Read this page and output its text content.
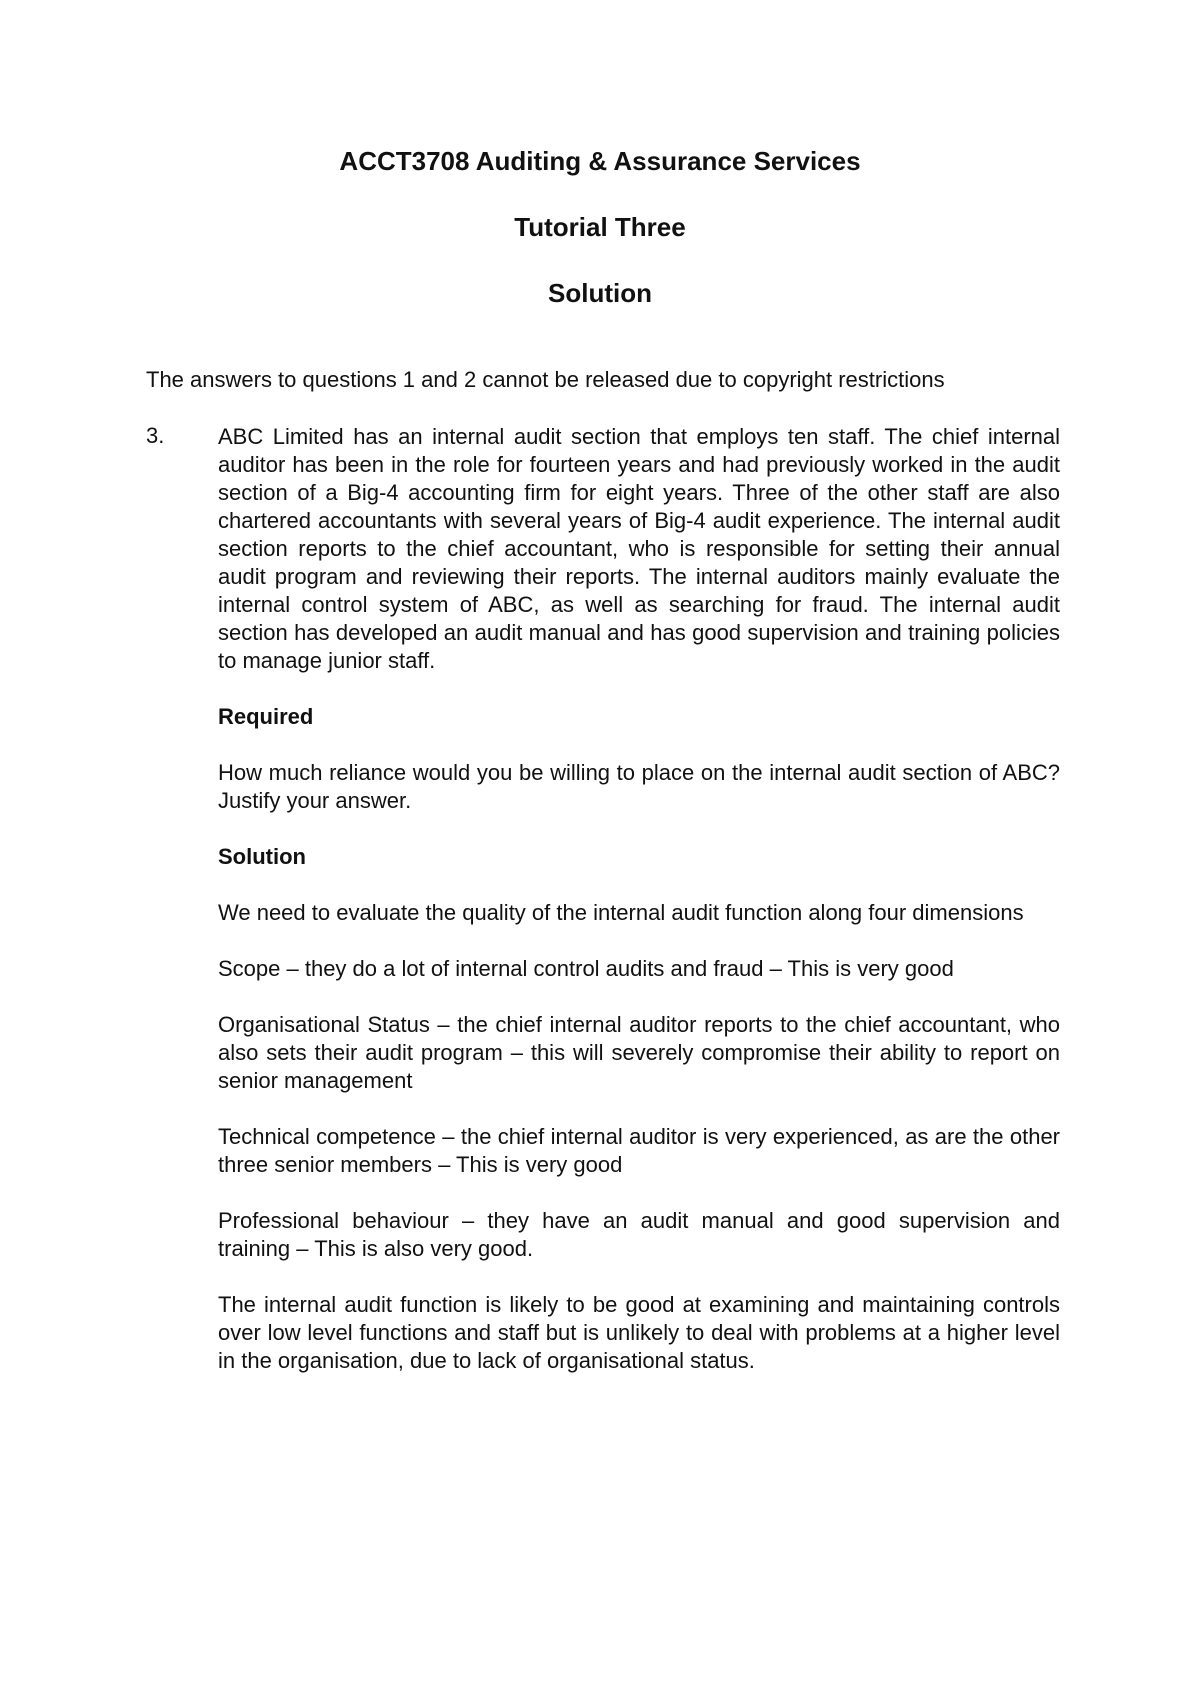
ACCT3708 Auditing & Assurance Services
Tutorial Three
Solution

The answers to questions 1 and 2 cannot be released due to copyright restrictions

3. ABC Limited has an internal audit section that employs ten staff. The chief internal auditor has been in the role for fourteen years and had previously worked in the audit section of a Big-4 accounting firm for eight years. Three of the other staff are also chartered accountants with several years of Big-4 audit experience. The internal audit section reports to the chief accountant, who is responsible for setting their annual audit program and reviewing their reports. The internal auditors mainly evaluate the internal control system of ABC, as well as searching for fraud. The internal audit section has developed an audit manual and has good supervision and training policies to manage junior staff.

Required

How much reliance would you be willing to place on the internal audit section of ABC? Justify your answer.

Solution

We need to evaluate the quality of the internal audit function along four dimensions

Scope – they do a lot of internal control audits and fraud – This is very good

Organisational Status – the chief internal auditor reports to the chief accountant, who also sets their audit program – this will severely compromise their ability to report on senior management

Technical competence – the chief internal auditor is very experienced, as are the other three senior members – This is very good

Professional behaviour – they have an audit manual and good supervision and training – This is also very good.

The internal audit function is likely to be good at examining and maintaining controls over low level functions and staff but is unlikely to deal with problems at a higher level in the organisation, due to lack of organisational status.
